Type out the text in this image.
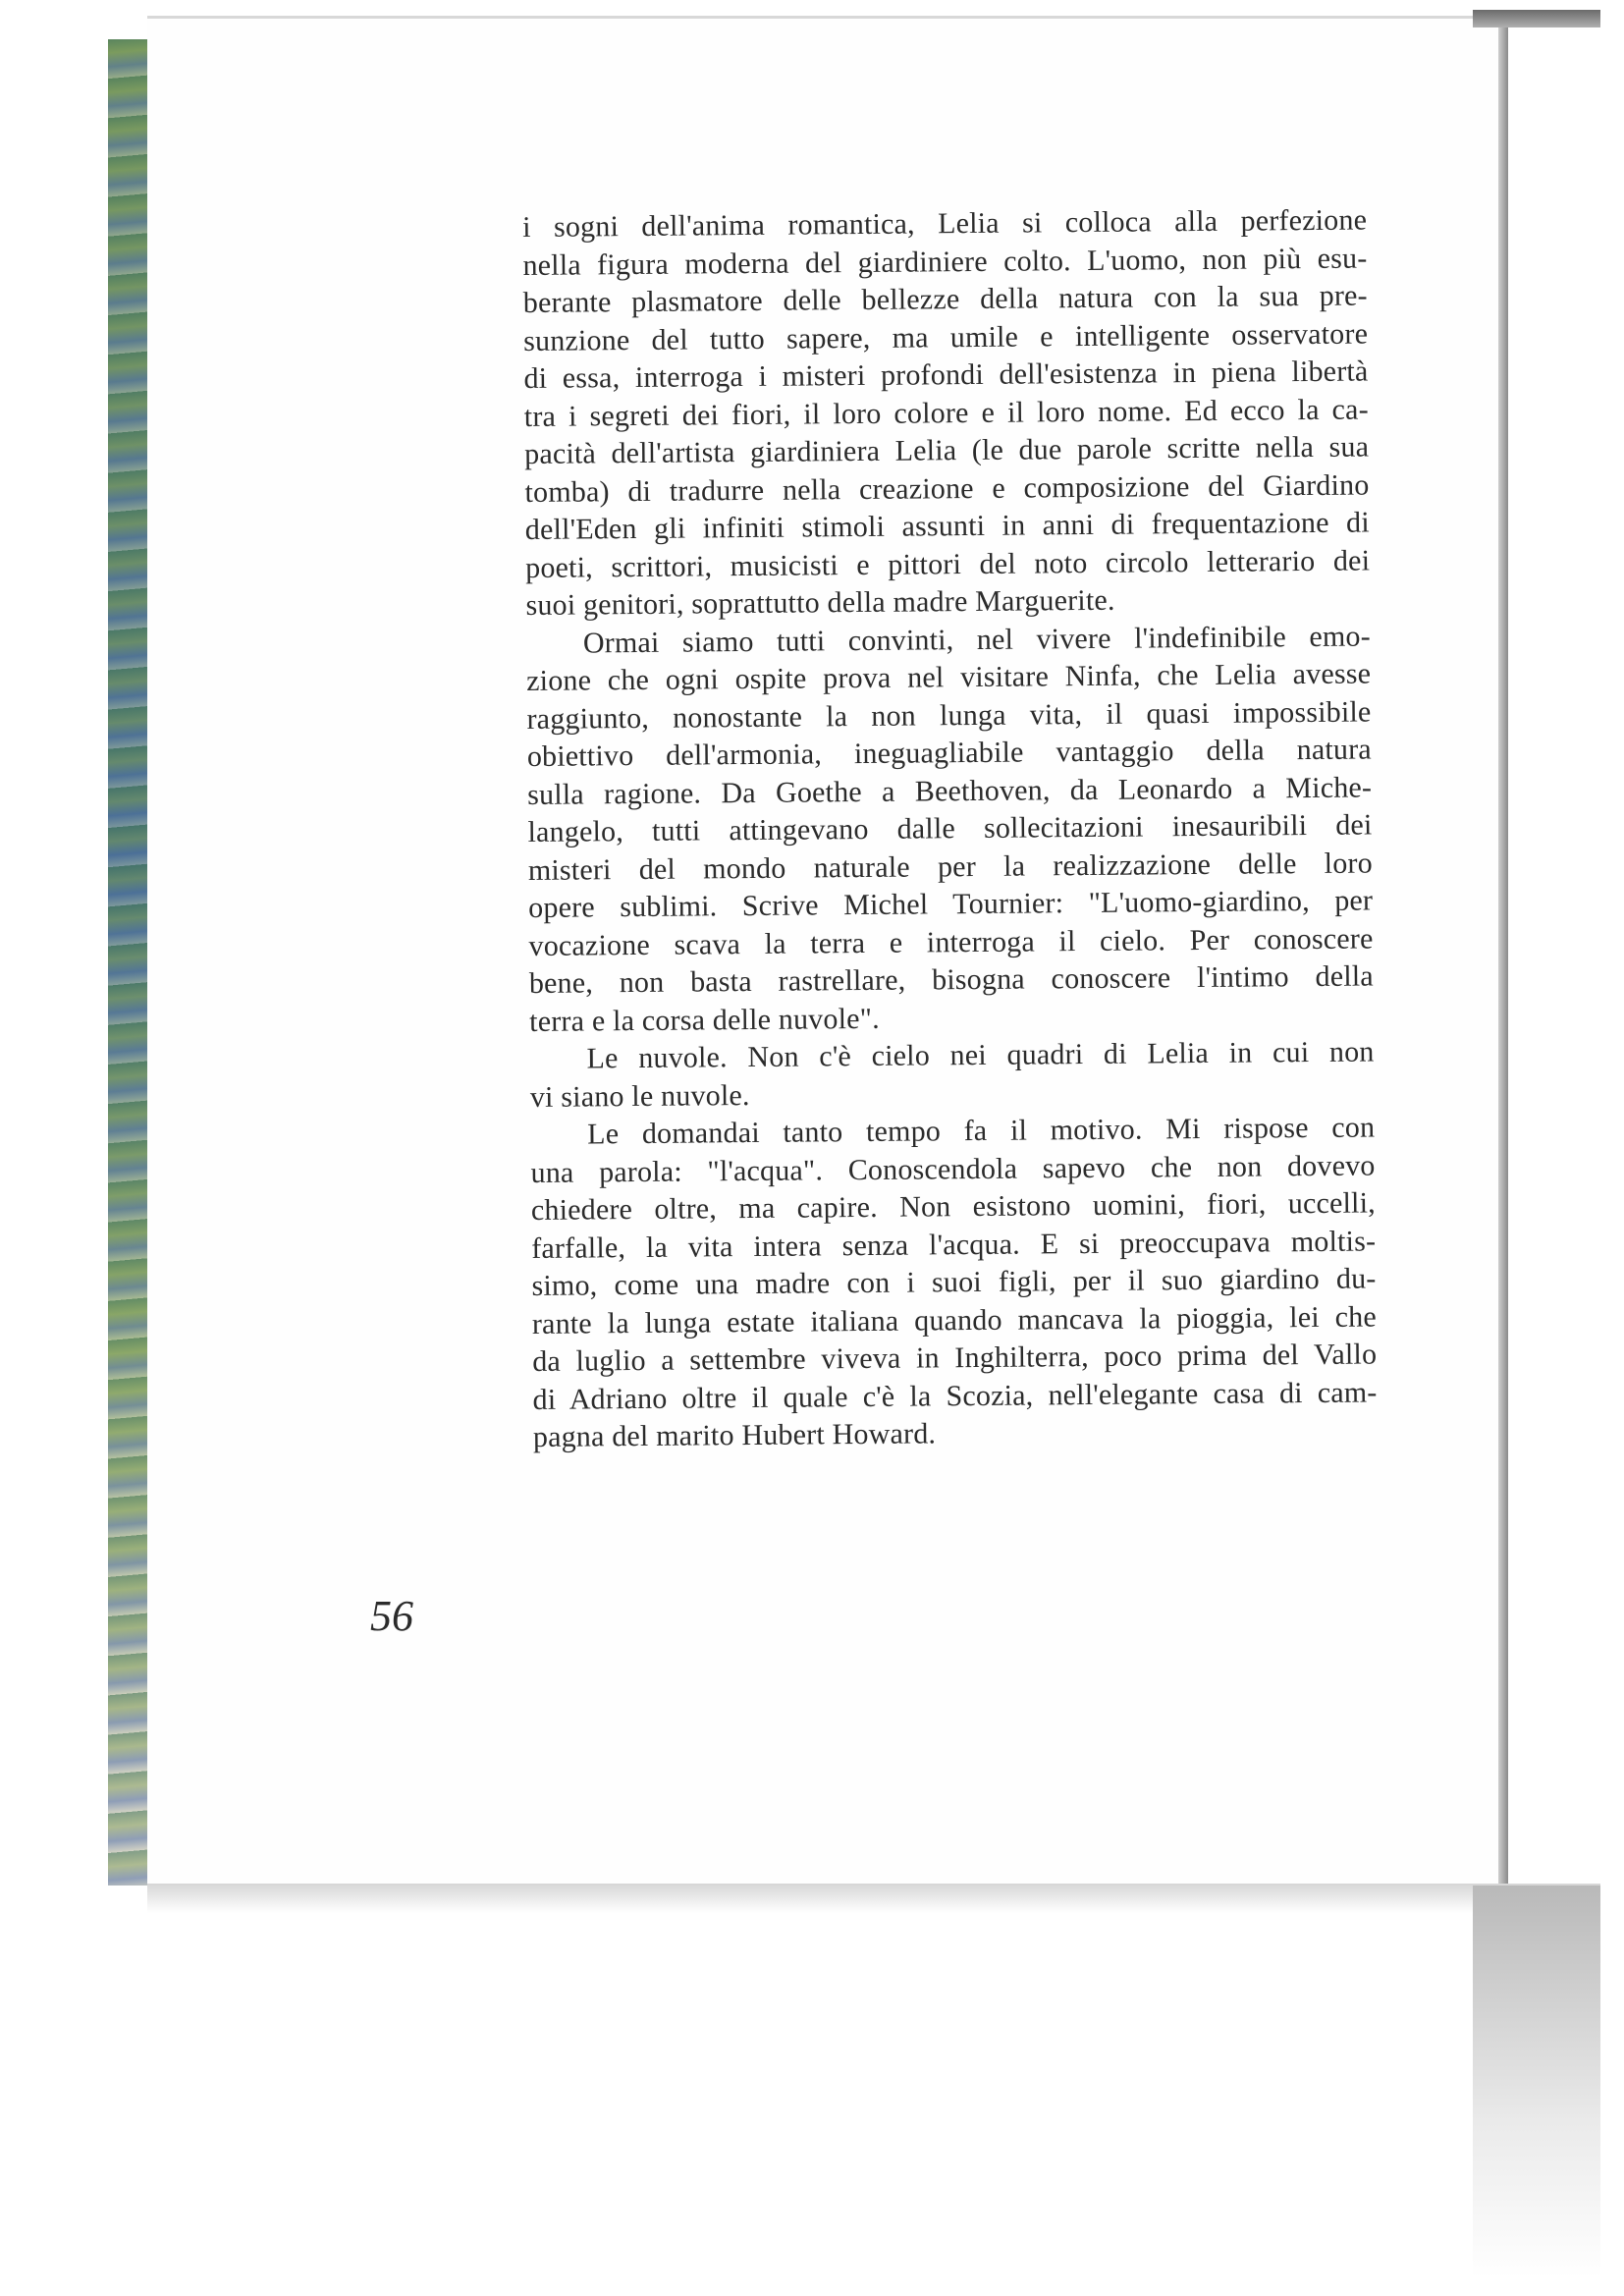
i sogni dell'anima romantica, Lelia si colloca alla perfezione
nella figura moderna del giardiniere colto. L'uomo, non più esu-
berante plasmatore delle bellezze della natura con la sua pre-
sunzione del tutto sapere, ma umile e intelligente osservatore
di essa, interroga i misteri profondi dell'esistenza in piena libertà
tra i segreti dei fiori, il loro colore e il loro nome. Ed ecco la ca-
pacità dell'artista giardiniera Lelia (le due parole scritte nella sua
tomba) di tradurre nella creazione e composizione del Giardino
dell'Eden gli infiniti stimoli assunti in anni di frequentazione di
poeti, scrittori, musicisti e pittori del noto circolo letterario dei
suoi genitori, soprattutto della madre Marguerite.
Ormai siamo tutti convinti, nel vivere l'indefinibile emo-
zione che ogni ospite prova nel visitare Ninfa, che Lelia avesse
raggiunto, nonostante la non lunga vita, il quasi impossibile
obiettivo dell'armonia, ineguagliabile vantaggio della natura
sulla ragione. Da Goethe a Beethoven, da Leonardo a Miche-
langelo, tutti attingevano dalle sollecitazioni inesauribili dei
misteri del mondo naturale per la realizzazione delle loro
opere sublimi. Scrive Michel Tournier: "L'uomo-giardino, per
vocazione scava la terra e interroga il cielo. Per conoscere
bene, non basta rastrellare, bisogna conoscere l'intimo della
terra e la corsa delle nuvole".
Le nuvole. Non c'è cielo nei quadri di Lelia in cui non
vi siano le nuvole.
Le domandai tanto tempo fa il motivo. Mi rispose con
una parola: "l'acqua". Conoscendola sapevo che non dovevo
chiedere oltre, ma capire. Non esistono uomini, fiori, uccelli,
farfalle, la vita intera senza l'acqua. E si preoccupava moltis-
simo, come una madre con i suoi figli, per il suo giardino du-
rante la lunga estate italiana quando mancava la pioggia, lei che
da luglio a settembre viveva in Inghilterra, poco prima del Vallo
di Adriano oltre il quale c'è la Scozia, nell'elegante casa di cam-
pagna del marito Hubert Howard.
56
